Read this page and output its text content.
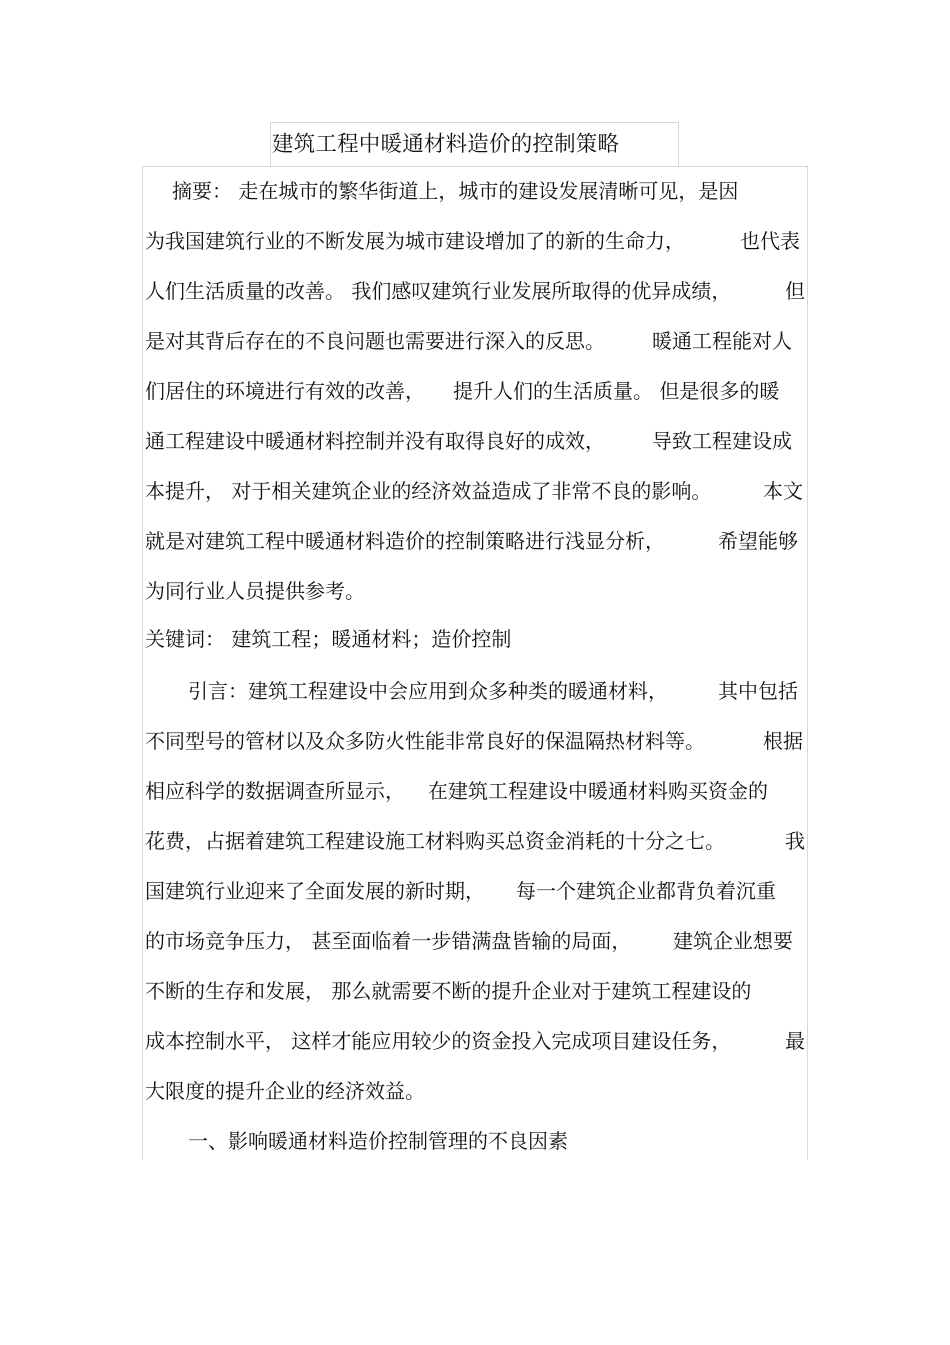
建筑工程中暖通材料造价的控制策略
摘要： 走在城市的繁华街道上，城市的建设发展清晰可见，是因
为我国建筑行业的不断发展为城市建设增加了的新的生命力，	也代表
人们生活质量的改善。 我们感叹建筑行业发展所取得的优异成绩，	但
是对其背后存在的不良问题也需要进行深入的反思。 暖通工程能对人
们居住的环境进行有效的改善， 提升人们的生活质量。 但是很多的暖
通工程建设中暖通材料控制并没有取得良好的成效， 导致工程建设成
本提升， 对于相关建筑企业的经济效益造成了非常不良的影响。	本文
就是对建筑工程中暖通材料造价的控制策略进行浅显分析，	希望能够
为同行业人员提供参考。
关键词： 建筑工程；暖通材料；造价控制
引言：建筑工程建设中会应用到众多种类的暖通材料，	其中包括
不同型号的管材以及众多防火性能非常良好的保温隔热材料等。	根据
相应科学的数据调查所显示， 在建筑工程建设中暖通材料购买资金的
花费，占据着建筑工程建设施工材料购买总资金消耗的十分之七。	我
国建筑行业迎来了全面发展的新时期， 每一个建筑企业都背负着沉重
的市场竞争压力， 甚至面临着一步错满盘皆输的局面， 建筑企业想要
不断的生存和发展， 那么就需要不断的提升企业对于建筑工程建设的
成本控制水平， 这样才能应用较少的资金投入完成项目建设任务，	最
大限度的提升企业的经济效益。
一、影响暖通材料造价控制管理的不良因素
